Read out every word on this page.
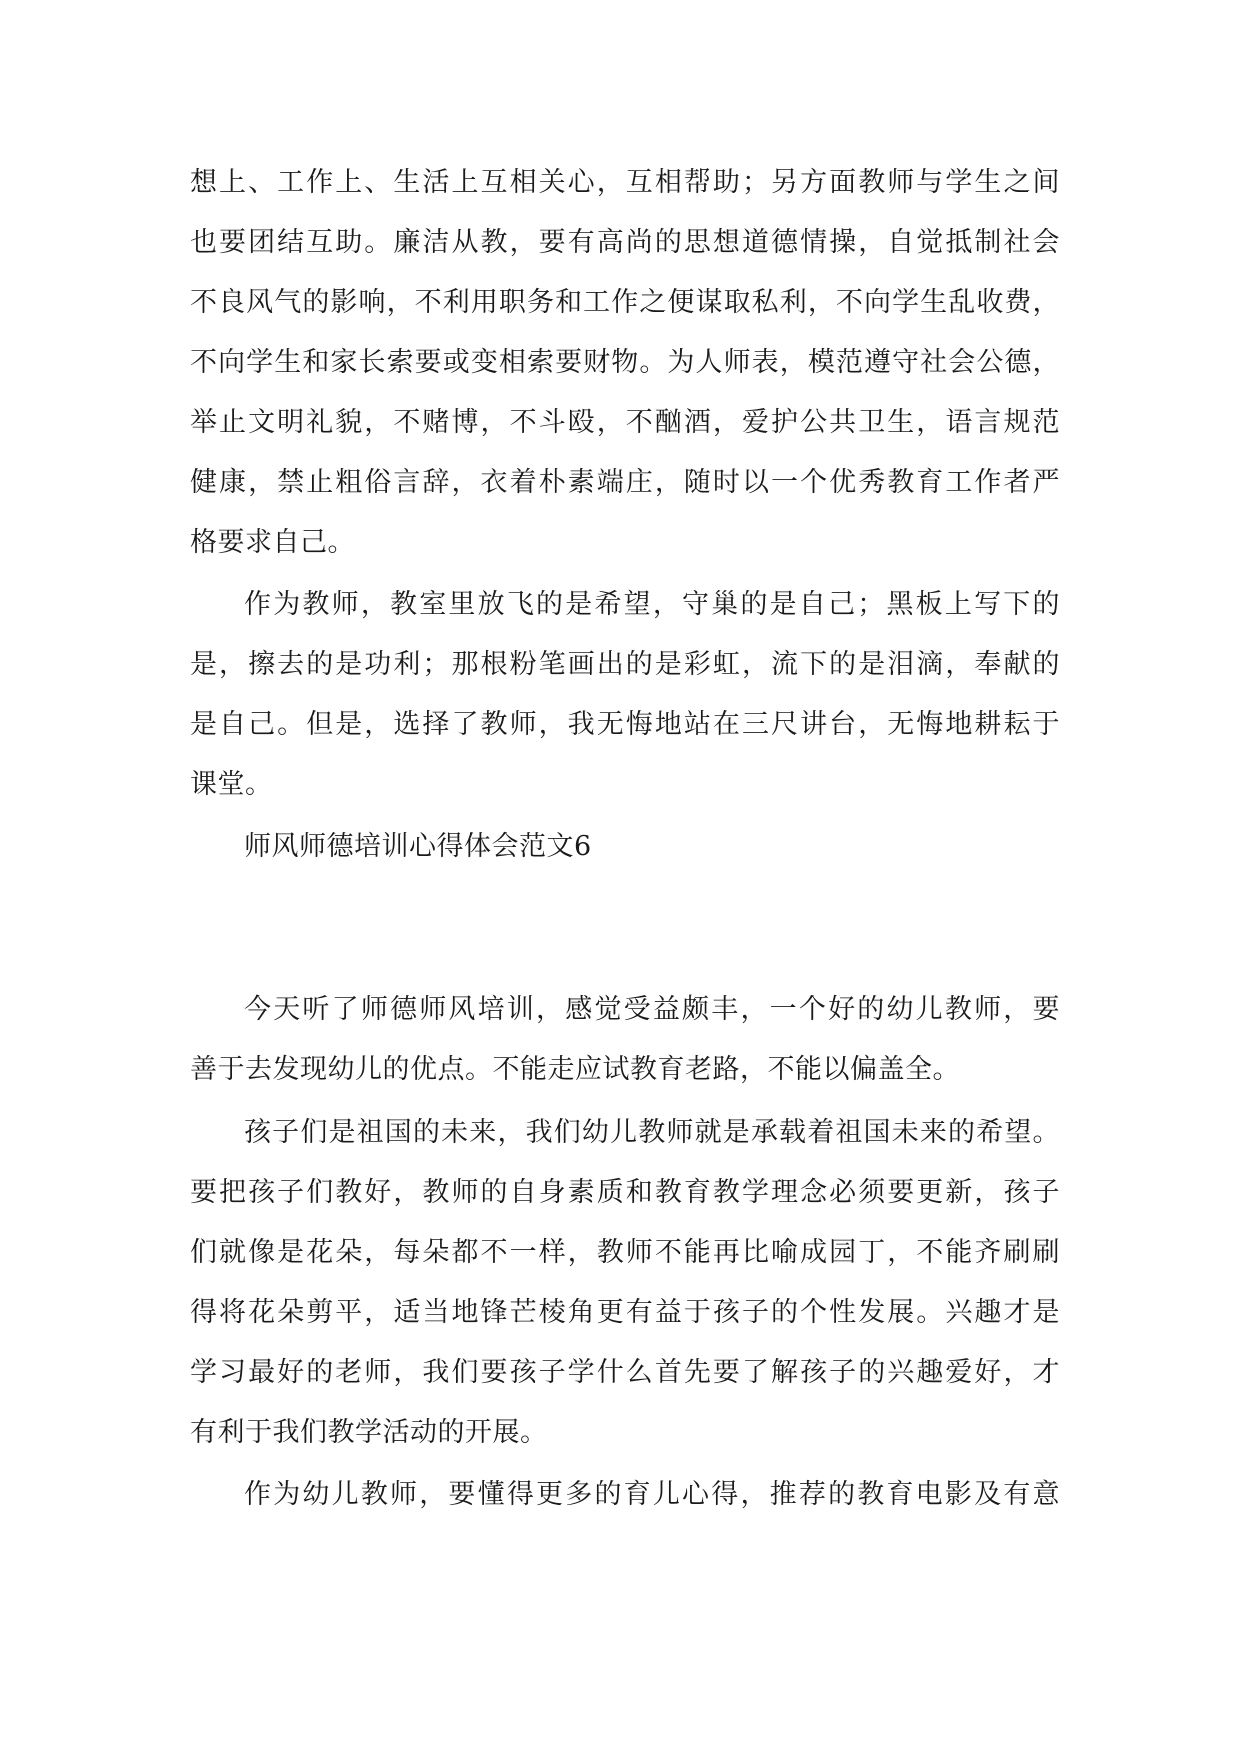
想上、工作上、生活上互相关心，互相帮助；另方面教师与学生之间
也要团结互助。廉洁从教，要有高尚的思想道德情操，自觉抵制社会
不良风气的影响，不利用职务和工作之便谋取私利，不向学生乱收费，
不向学生和家长索要或变相索要财物。为人师表，模范遵守社会公德，
举止文明礼貌，不赌博，不斗殴，不酗酒，爱护公共卫生，语言规范
健康，禁止粗俗言辞，衣着朴素端庄，随时以一个优秀教育工作者严
格要求自己。
作为教师，教室里放飞的是希望，守巢的是自己；黑板上写下的
是，擦去的是功利；那根粉笔画出的是彩虹，流下的是泪滴，奉献的
是自己。但是，选择了教师，我无悔地站在三尺讲台，无悔地耕耘于
课堂。
师风师德培训心得体会范文6
今天听了师德师风培训，感觉受益颇丰，一个好的幼儿教师，要
善于去发现幼儿的优点。不能走应试教育老路，不能以偏盖全。
孩子们是祖国的未来，我们幼儿教师就是承载着祖国未来的希望。
要把孩子们教好，教师的自身素质和教育教学理念必须要更新，孩子
们就像是花朵，每朵都不一样，教师不能再比喻成园丁，不能齐刷刷
得将花朵剪平，适当地锋芒棱角更有益于孩子的个性发展。兴趣才是
学习最好的老师，我们要孩子学什么首先要了解孩子的兴趣爱好，才
有利于我们教学活动的开展。
作为幼儿教师，要懂得更多的育儿心得，推荐的教育电影及有意
